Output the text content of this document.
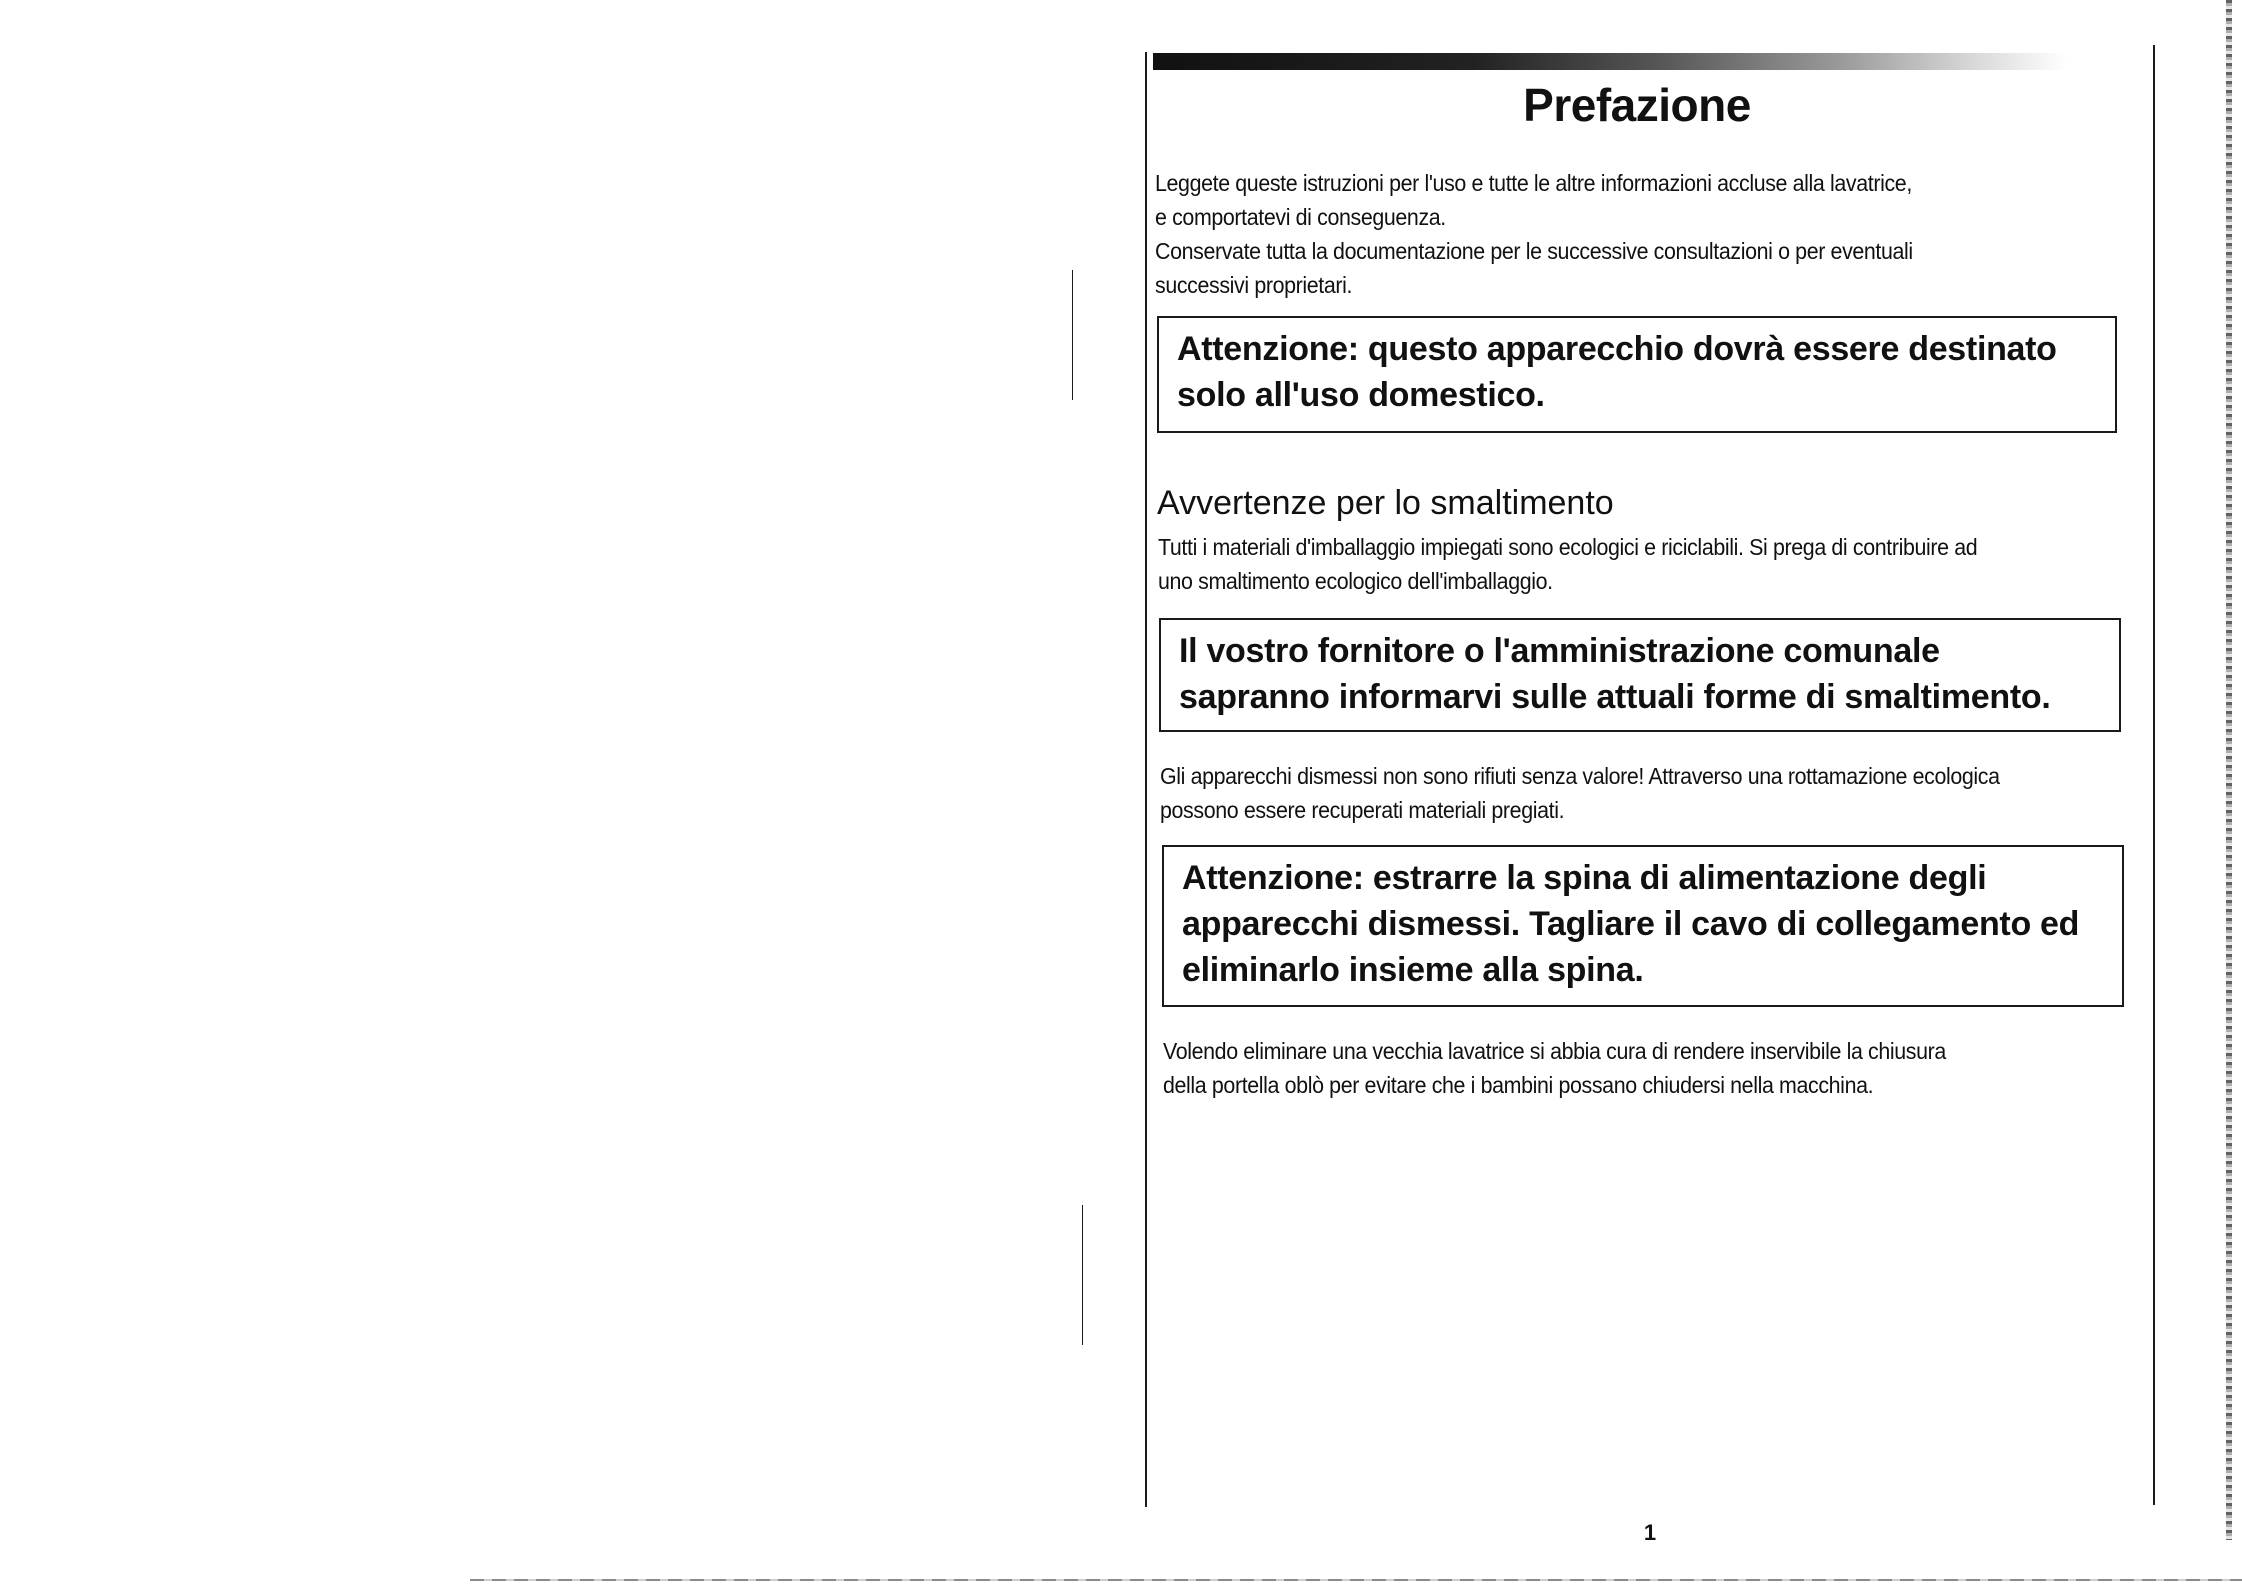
Prefazione
Leggete queste istruzioni per l'uso e tutte le altre informazioni accluse alla lavatrice,
e comportatevi di conseguenza.
Conservate tutta la documentazione per le successive consultazioni o per eventuali
successivi proprietari.
Attenzione: questo apparecchio dovrà essere destinato
solo all'uso domestico.
Avvertenze per lo smaltimento
Tutti i materiali d'imballaggio impiegati sono ecologici e riciclabili. Si prega di contribuire ad
uno smaltimento ecologico dell'imballaggio.
Il vostro fornitore o l'amministrazione comunale
sapranno informarvi sulle attuali forme di smaltimento.
Gli apparecchi dismessi non sono rifiuti senza valore! Attraverso una rottamazione ecologica
possono essere recuperati materiali pregiati.
Attenzione: estrarre la spina di alimentazione degli
apparecchi dismessi. Tagliare il cavo di collegamento ed
eliminarlo insieme alla spina.
Volendo eliminare una vecchia lavatrice si abbia cura di rendere inservibile la chiusura
della portella oblò per evitare che i bambini possano chiudersi nella macchina.
1
